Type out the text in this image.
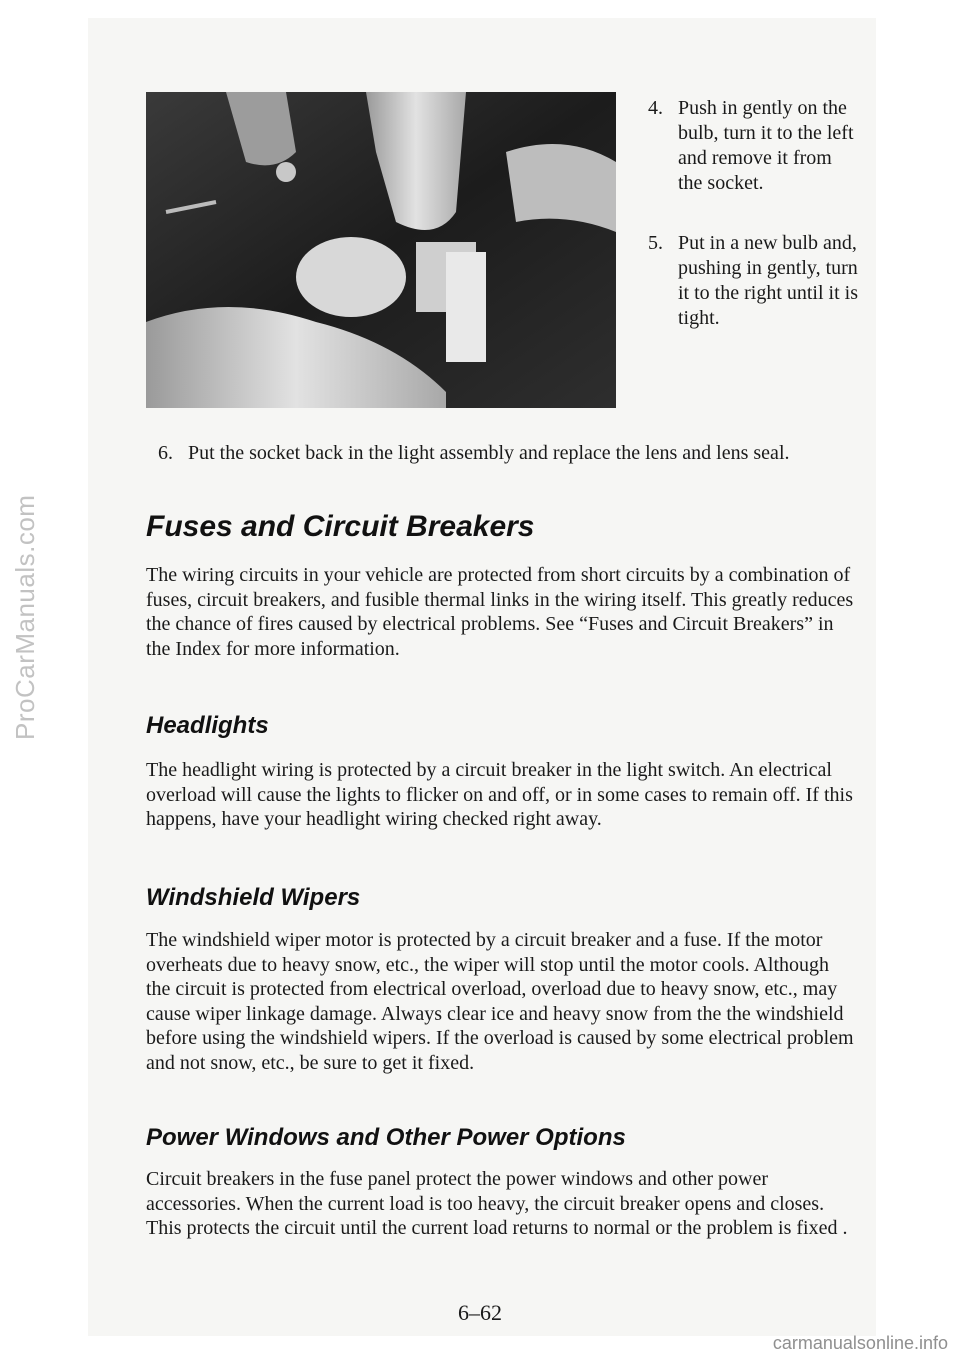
ProCarManuals.com
4. Push in gently on the bulb, turn it to the left and remove it from the socket.
5. Put in a new bulb and, pushing in gently, turn it to the right until it is tight.
6. Put the socket back in the light assembly and replace the lens and lens seal.
Fuses and Circuit Breakers

The wiring circuits in your vehicle are protected from short circuits by a combination of fuses, circuit breakers, and fusible thermal links in the wiring itself. This greatly reduces the chance of fires caused by electrical problems. See “Fuses and Circuit Breakers” in the Index for more information.

Headlights

The headlight wiring is protected by a circuit breaker in the light switch. An electrical overload will cause the lights to flicker on and off, or in some cases to remain off. If this happens, have your headlight wiring checked right away.

Windshield Wipers

The windshield wiper motor is protected by a circuit breaker and a fuse. If the motor overheats due to heavy snow, etc., the wiper will stop until the motor cools. Although the circuit is protected from electrical overload, overload due to heavy snow, etc., may cause wiper linkage damage. Always clear ice and heavy snow from the the windshield before using the windshield wipers. If the overload is caused by some electrical problem and not snow, etc., be sure to get it fixed.

Power Windows and Other Power Options

Circuit breakers in the fuse panel protect the power windows and other power accessories. When the current load is too heavy, the circuit breaker opens and closes. This protects the circuit until the current load returns to normal or the problem is fixed .

6–62
carmanualsonline.info
